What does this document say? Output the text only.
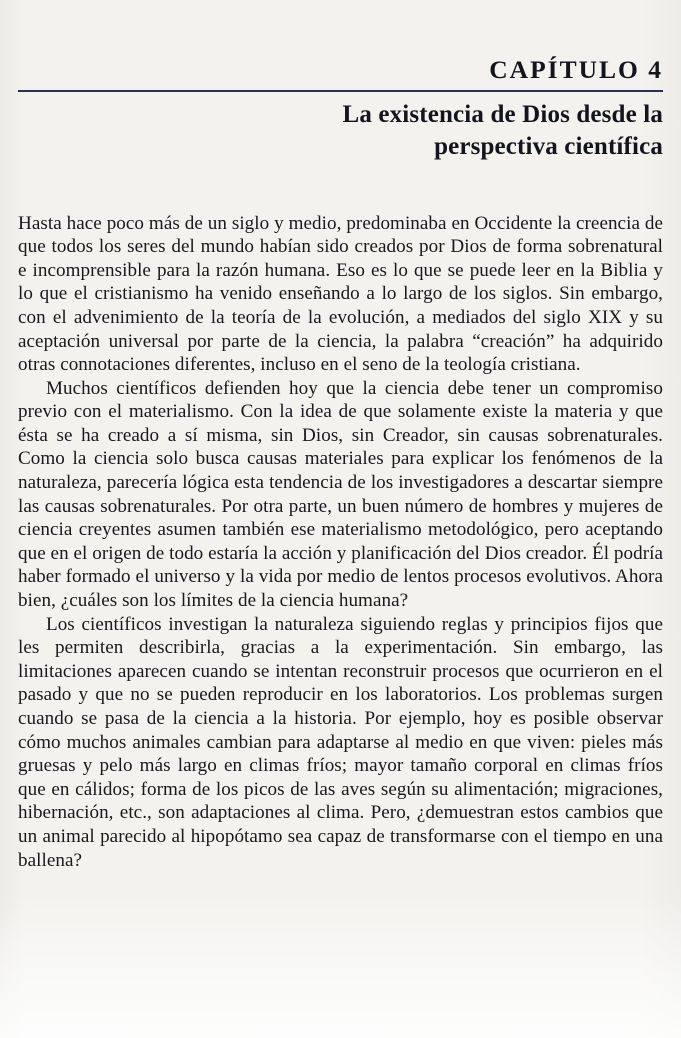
CAPÍTULO 4
La existencia de Dios desde la
perspectiva científica

Hasta hace poco más de un siglo y medio, predominaba en Occidente la creencia de que todos los seres del mundo habían sido creados por Dios de forma sobrenatural e incomprensible para la razón humana. Eso es lo que se puede leer en la Biblia y lo que el cristianismo ha venido enseñando a lo largo de los siglos. Sin embargo, con el advenimiento de la teoría de la evolución, a mediados del siglo XIX y su aceptación universal por parte de la ciencia, la palabra “creación” ha adquirido otras connotaciones diferentes, incluso en el seno de la teología cristiana.

Muchos científicos defienden hoy que la ciencia debe tener un compromiso previo con el materialismo. Con la idea de que solamente existe la materia y que ésta se ha creado a sí misma, sin Dios, sin Creador, sin causas sobrenaturales. Como la ciencia solo busca causas materiales para explicar los fenómenos de la naturaleza, parecería lógica esta tendencia de los investigadores a descartar siempre las causas sobrenaturales. Por otra parte, un buen número de hombres y mujeres de ciencia creyentes asumen también ese materialismo metodológico, pero aceptando que en el origen de todo estaría la acción y planificación del Dios creador. Él podría haber formado el universo y la vida por medio de lentos procesos evolutivos. Ahora bien, ¿cuáles son los límites de la ciencia humana?

Los científicos investigan la naturaleza siguiendo reglas y principios fijos que les permiten describirla, gracias a la experimentación. Sin embargo, las limitaciones aparecen cuando se intentan reconstruir procesos que ocurrieron en el pasado y que no se pueden reproducir en los laboratorios. Los problemas surgen cuando se pasa de la ciencia a la historia. Por ejemplo, hoy es posible observar cómo muchos animales cambian para adaptarse al medio en que viven: pieles más gruesas y pelo más largo en climas fríos; mayor tamaño corporal en climas fríos que en cálidos; forma de los picos de las aves según su alimentación; migraciones, hibernación, etc., son adaptaciones al clima. Pero, ¿demuestran estos cambios que un animal parecido al hipopótamo sea capaz de transformarse con el tiempo en una ballena?
